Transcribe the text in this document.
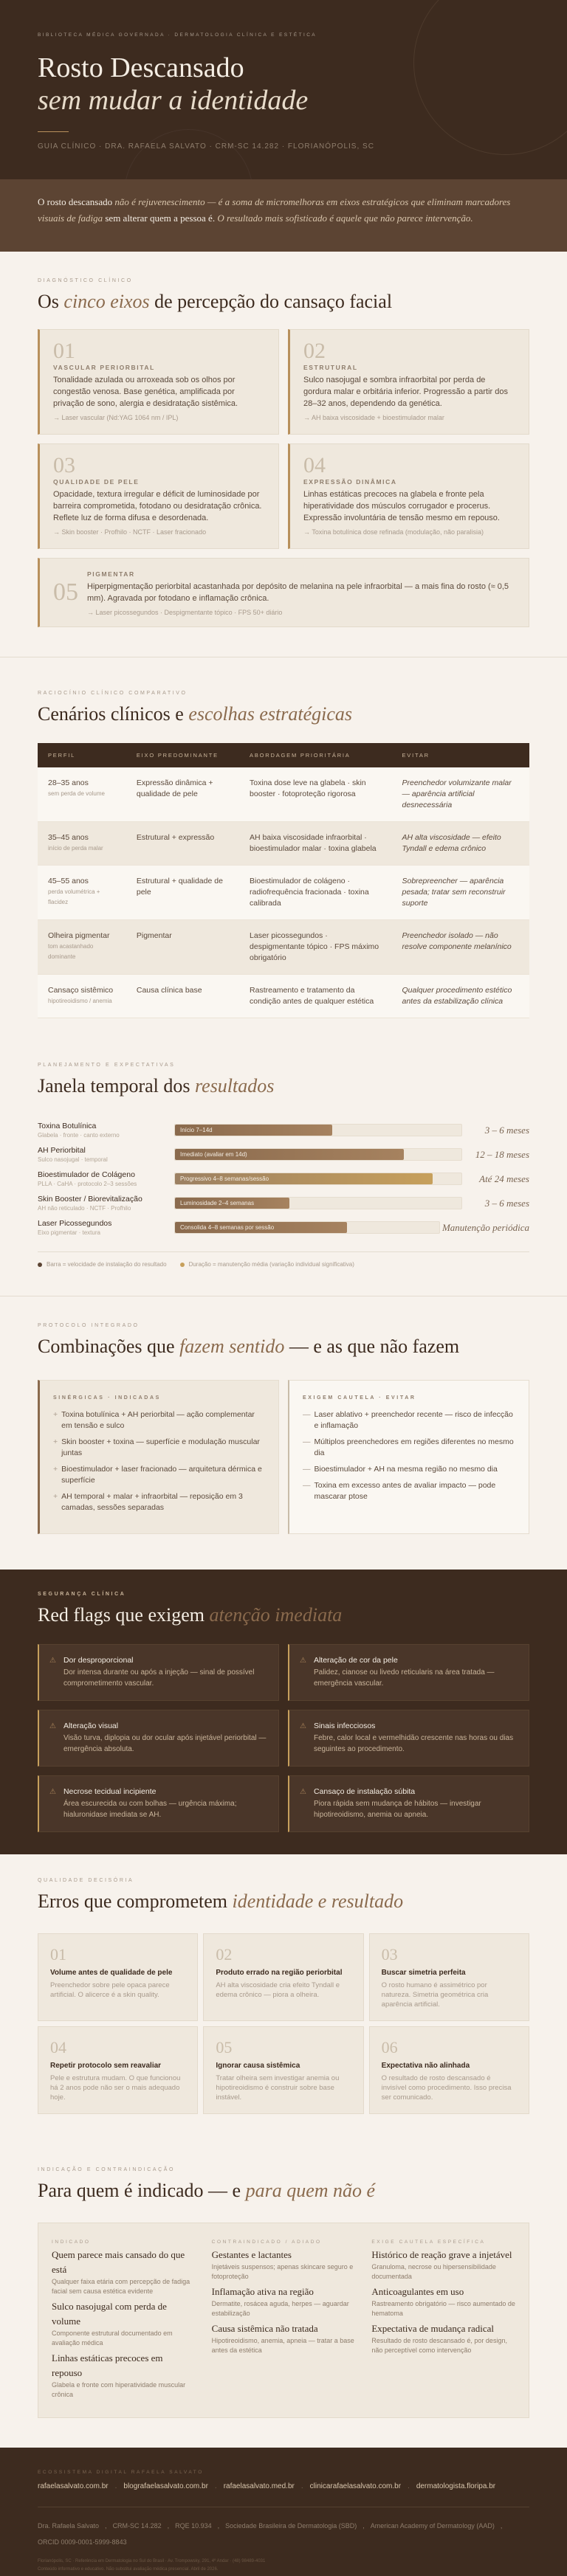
BIBLIOTECA MÉDICA GOVERNADA · DERMATOLOGIA CLÍNICA E ESTÉTICA
Rosto Descansado
sem mudar a identidade
GUIA CLÍNICO · DRA. RAFAELA SALVATO · CRM-SC 14.282 · FLORIANÓPOLIS, SC
O rosto descansado não é rejuvenescimento — é a soma de micromelhoras em eixos estratégicos que eliminam marcadores visuais de fadiga sem alterar quem a pessoa é. O resultado mais sofisticado é aquele que não parece intervenção.
DIAGNÓSTICO CLÍNICO
Os cinco eixos de percepção do cansaço facial
01
VASCULAR PERIORBITAL
Tonalidade azulada ou arroxeada sob os olhos por congestão venosa. Base genética, amplificada por privação de sono, alergia e desidratação sistêmica.
→ Laser vascular (Nd:YAG 1064 nm / IPL)
02
ESTRUTURAL
Sulco nasojugal e sombra infraorbital por perda de gordura malar e orbitária inferior. Progressão a partir dos 28–32 anos, dependendo da genética.
→ AH baixa viscosidade + bioestimulador malar
03
QUALIDADE DE PELE
Opacidade, textura irregular e déficit de luminosidade por barreira comprometida, fotodano ou desidratação crônica. Reflete luz de forma difusa e desordenada.
→ Skin booster · Profhilo · NCTF · Laser fracionado
04
EXPRESSÃO DINÂMICA
Linhas estáticas precoces na glabela e fronte pela hiperatividade dos músculos corrugador e procerus. Expressão involuntária de tensão mesmo em repouso.
→ Toxina botulínica dose refinada (modulação, não paralisia)
05
PIGMENTAR
Hiperpigmentação periorbital acastanhada por depósito de melanina na pele infraorbital — a mais fina do rosto (≈ 0,5 mm). Agravada por fotodano e inflamação crônica.
→ Laser picossegundos · Despigmentante tópico · FPS 50+ diário
RACIOCÍNIO CLÍNICO COMPARATIVO
Cenários clínicos e escolhas estratégicas
PERFIL	EIXO PREDOMINANTE	ABORDAGEM PRIORITÁRIA	EVITAR
28–35 anos
sem perda de volume	Expressão dinâmica + qualidade de pele	Toxina dose leve na glabela · skin booster · fotoproteção rigorosa	Preenchedor volumizante malar — aparência artificial desnecessária
35–45 anos
início de perda malar	Estrutural + expressão	AH baixa viscosidade infraorbital · bioestimulador malar · toxina glabela	AH alta viscosidade — efeito Tyndall e edema crônico
45–55 anos
perda volumétrica + flacidez	Estrutural + qualidade de pele	Bioestimulador de colágeno · radiofrequência fracionada · toxina calibrada	Sobrepreencher — aparência pesada; tratar sem reconstruir suporte
Olheira pigmentar
tom acastanhado dominante	Pigmentar	Laser picossegundos · despigmentante tópico · FPS máximo obrigatório	Preenchedor isolado — não resolve componente melanínico
Cansaço sistêmico
hipotireoidismo / anemia	Causa clínica base	Rastreamento e tratamento da condição antes de qualquer estética	Qualquer procedimento estético antes da estabilização clínica
PLANEJAMENTO E EXPECTATIVAS
Janela temporal dos resultados
Toxina Botulínica
Glabela · fronte · canto externo
Início 7–14d	3 – 6 meses
AH Periorbital
Sulco nasojugal · temporal
Imediato (avaliar em 14d)	12 – 18 meses
Bioestimulador de Colágeno
PLLA · CaHA · protocolo 2–3 sessões
Progressivo 4–8 semanas/sessão	Até 24 meses
Skin Booster / Biorevitalização
AH não reticulado · NCTF · Profhilo
Luminosidade 2–4 semanas	3 – 6 meses
Laser Picossegundos
Eixo pigmentar · textura
Consolida 4–8 semanas por sessão	Manutenção periódica
Barra = velocidade de instalação do resultado	Duração = manutenção média (variação individual significativa)
PROTOCOLO INTEGRADO
Combinações que fazem sentido — e as que não fazem
SINÉRGICAS · INDICADAS
+ Toxina botulínica + AH periorbital — ação complementar em tensão e sulco
+ Skin booster + toxina — superfície e modulação muscular juntas
+ Bioestimulador + laser fracionado — arquitetura dérmica e superfície
+ AH temporal + malar + infraorbital — reposição em 3 camadas, sessões separadas
EXIGEM CAUTELA · EVITAR
— Laser ablativo + preenchedor recente — risco de infecção e inflamação
— Múltiplos preenchedores em regiões diferentes no mesmo dia
— Bioestimulador + AH na mesma região no mesmo dia
— Toxina em excesso antes de avaliar impacto — pode mascarar ptose
SEGURANÇA CLÍNICA
Red flags que exigem atenção imediata
⚠ Dor desproporcional
Dor intensa durante ou após a injeção — sinal de possível comprometimento vascular.
⚠ Alteração de cor da pele
Palidez, cianose ou livedo reticularis na área tratada — emergência vascular.
⚠ Alteração visual
Visão turva, diplopia ou dor ocular após injetável periorbital — emergência absoluta.
⚠ Sinais infecciosos
Febre, calor local e vermelhidão crescente nas horas ou dias seguintes ao procedimento.
⚠ Necrose tecidual incipiente
Área escurecida ou com bolhas — urgência máxima; hialuronidase imediata se AH.
⚠ Cansaço de instalação súbita
Piora rápida sem mudança de hábitos — investigar hipotireoidismo, anemia ou apneia.
QUALIDADE DECISÓRIA
Erros que comprometem identidade e resultado
01
Volume antes de qualidade de pele
Preenchedor sobre pele opaca parece artificial. O alicerce é a skin quality.
02
Produto errado na região periorbital
AH alta viscosidade cria efeito Tyndall e edema crônico — piora a olheira.
03
Buscar simetria perfeita
O rosto humano é assimétrico por natureza. Simetria geométrica cria aparência artificial.
04
Repetir protocolo sem reavaliar
Pele e estrutura mudam. O que funcionou há 2 anos pode não ser o mais adequado hoje.
05
Ignorar causa sistêmica
Tratar olheira sem investigar anemia ou hipotireoidismo é construir sobre base instável.
06
Expectativa não alinhada
O resultado de rosto descansado é invisível como procedimento. Isso precisa ser comunicado.
INDICAÇÃO E CONTRAINDICAÇÃO
Para quem é indicado — e para quem não é
INDICADO
Quem parece mais cansado do que está
Qualquer faixa etária com percepção de fadiga facial sem causa estética evidente
Sulco nasojugal com perda de volume
Componente estrutural documentado em avaliação médica
Linhas estáticas precoces em repouso
Glabela e fronte com hiperatividade muscular crônica
CONTRAINDICADO / ADIADO
Gestantes e lactantes
Injetáveis suspensos; apenas skincare seguro e fotoproteção
Inflamação ativa na região
Dermatite, rosácea aguda, herpes — aguardar estabilização
Causa sistêmica não tratada
Hipotireoidismo, anemia, apneia — tratar a base antes da estética
EXIGE CAUTELA ESPECÍFICA
Histórico de reação grave a injetável
Granuloma, necrose ou hipersensibilidade documentada
Anticoagulantes em uso
Rastreamento obrigatório — risco aumentado de hematoma
Expectativa de mudança radical
Resultado de rosto descansado é, por design, não perceptível como intervenção
ECOSSISTEMA DIGITAL RAFAELA SALVATO
rafaelasalvato.com.br . blografaelasalvato.com.br . rafaelasalvato.med.br . clinicarafaelasalvato.com.br . dermatologista.floripa.br
Dra. Rafaela Salvato , CRM-SC 14.282 , RQE 10.934 , Sociedade Brasileira de Dermatologia (SBD) , American Academy of Dermatology (AAD) ,
ORCID 0009-0001-5999-8843
Florianópolis, SC · Referência em Dermatologia no Sul do Brasil · Av. Trompowsky, 291, 4º Andar · (48) 98489-4031
Conteúdo informativo e educativo. Não substitui avaliação médica presencial. Abril de 2026.
